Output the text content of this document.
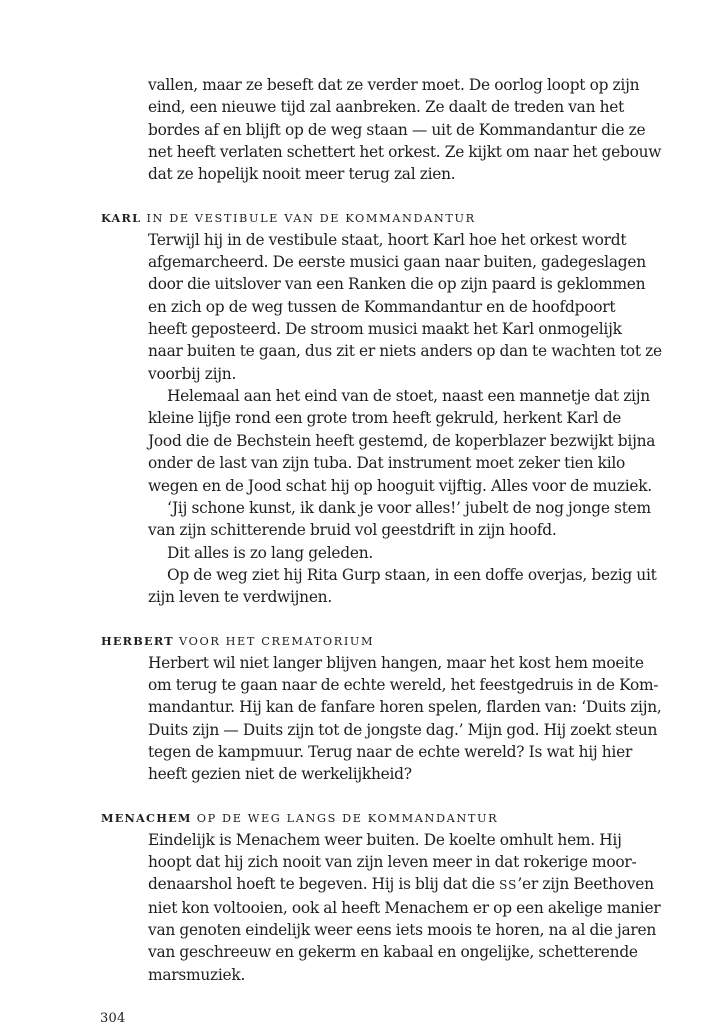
vallen, maar ze beseft dat ze verder moet. De oorlog loopt op zijn
eind, een nieuwe tijd zal aanbreken. Ze daalt de treden van het
bordes af en blijft op de weg staan — uit de Kommandantur die ze
net heeft verlaten schettert het orkest. Ze kijkt om naar het gebouw
dat ze hopelijk nooit meer terug zal zien.
KARL IN DE VESTIBULE VAN DE KOMMANDANTUR
Terwijl hij in de vestibule staat, hoort Karl hoe het orkest wordt
afgemarcheerd. De eerste musici gaan naar buiten, gadegeslagen
door die uitslover van een Ranken die op zijn paard is geklommen
en zich op de weg tussen de Kommandantur en de hoofdpoort
heeft geposteerd. De stroom musici maakt het Karl onmogelijk
naar buiten te gaan, dus zit er niets anders op dan te wachten tot ze
voorbij zijn.
Helemaal aan het eind van de stoet, naast een mannetje dat zijn
kleine lijfje rond een grote trom heeft gekruld, herkent Karl de
Jood die de Bechstein heeft gestemd, de koperblazer bezwijkt bijna
onder de last van zijn tuba. Dat instrument moet zeker tien kilo
wegen en de Jood schat hij op hooguit vijftig. Alles voor de muziek.
‘Jij schone kunst, ik dank je voor alles!’ jubelt de nog jonge stem
van zijn schitterende bruid vol geestdrift in zijn hoofd.
Dit alles is zo lang geleden.
Op de weg ziet hij Rita Gurp staan, in een doffe overjas, bezig uit
zijn leven te verdwijnen.
HERBERT VOOR HET CREMATORIUM
Herbert wil niet langer blijven hangen, maar het kost hem moeite
om terug te gaan naar de echte wereld, het feestgedruis in de Kom-
mandantur. Hij kan de fanfare horen spelen, flarden van: ‘Duits zijn,
Duits zijn — Duits zijn tot de jongste dag.’ Mijn god. Hij zoekt steun
tegen de kampmuur. Terug naar de echte wereld? Is wat hij hier
heeft gezien niet de werkelijkheid?
MENACHEM OP DE WEG LANGS DE KOMMANDANTUR
Eindelijk is Menachem weer buiten. De koelte omhult hem. Hij
hoopt dat hij zich nooit van zijn leven meer in dat rokerige moor-
denaarshol hoeft te begeven. Hij is blij dat die SS’er zijn Beethoven
niet kon voltooien, ook al heeft Menachem er op een akelige manier
van genoten eindelijk weer eens iets moois te horen, na al die jaren
van geschreeuw en gekerm en kabaal en ongelijke, schetterende
marsmuziek.
304
